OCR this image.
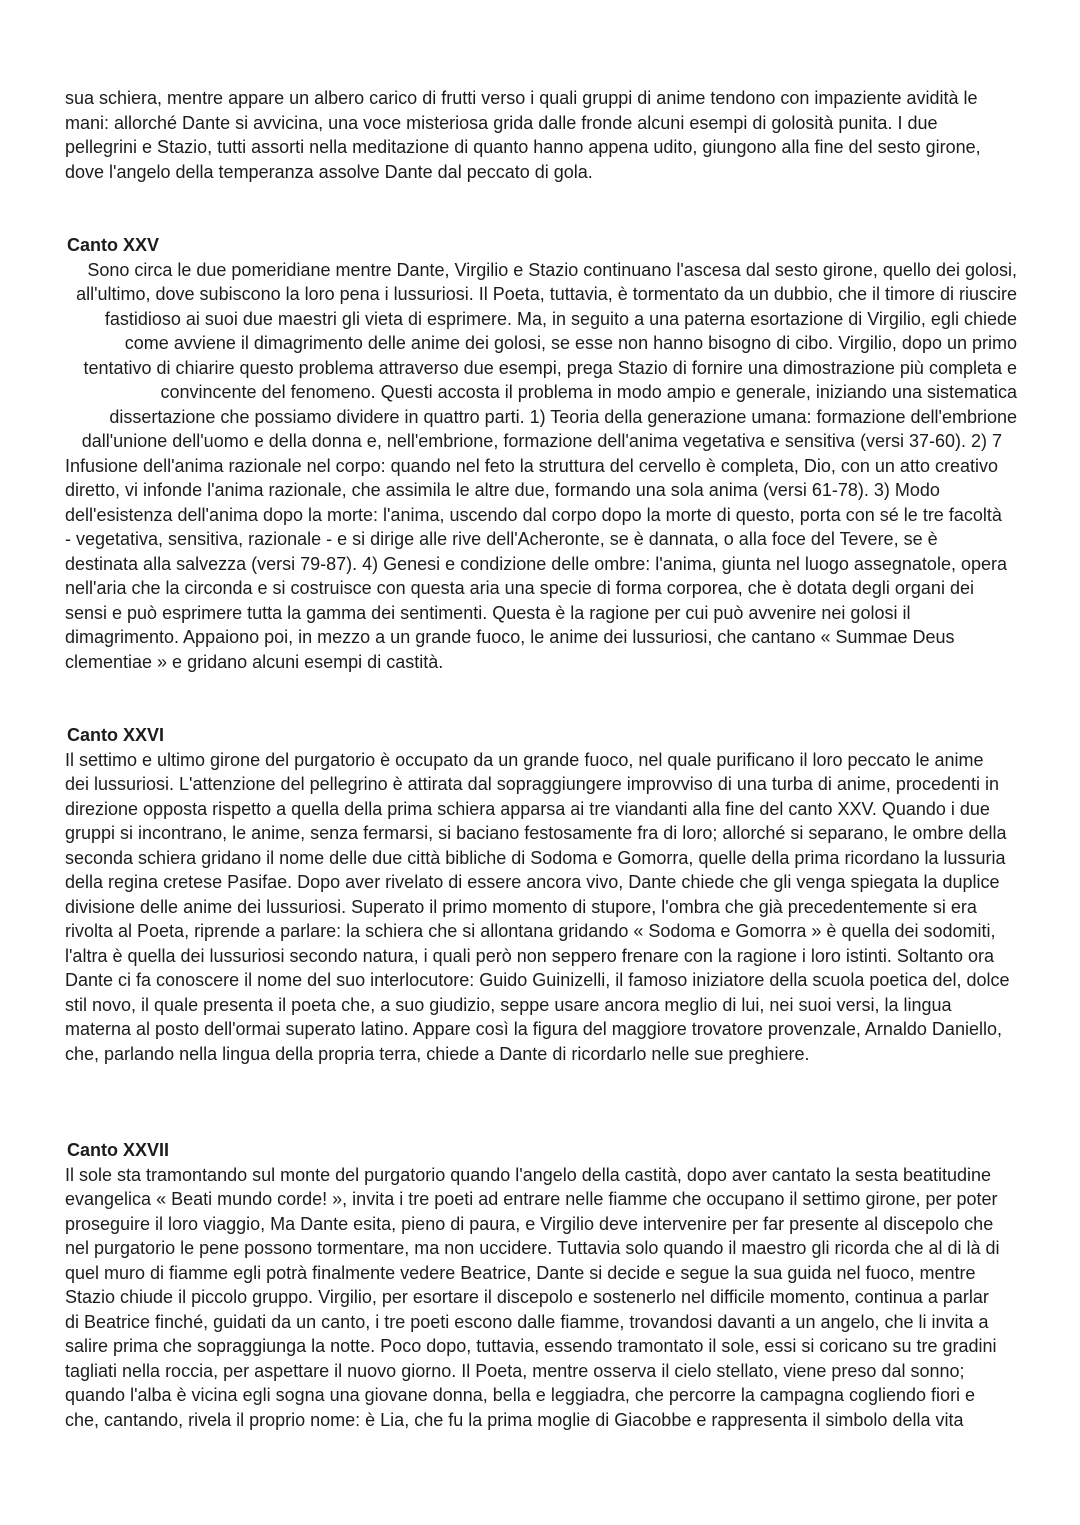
sua schiera, mentre appare un albero carico di frutti verso i quali gruppi di anime tendono con impaziente avidità le
mani: allorché Dante si avvicina, una voce misteriosa grida dalle fronde alcuni esempi di golosità punita. I due
pellegrini e Stazio, tutti assorti nella meditazione di quanto hanno appena udito, giungono alla fine del sesto girone,
dove l'angelo della temperanza assolve Dante dal peccato di gola.
Canto XXV
Sono circa le due pomeridiane mentre Dante, Virgilio e Stazio continuano l'ascesa dal sesto girone, quello dei golosi,
all'ultimo, dove subiscono la loro pena i lussuriosi. Il Poeta, tuttavia, è tormentato da un dubbio, che il timore di riuscire
fastidioso ai suoi due maestri gli vieta di esprimere. Ma, in seguito a una paterna esortazione di Virgilio, egli chiede
come avviene il dimagrimento delle anime dei golosi, se esse non hanno bisogno di cibo. Virgilio, dopo un primo
tentativo di chiarire questo problema attraverso due esempi, prega Stazio di fornire una dimostrazione più completa e
convincente del fenomeno. Questi accosta il problema in modo ampio e generale, iniziando una sistematica
dissertazione che possiamo dividere in quattro parti. 1) Teoria della generazione umana: formazione dell'embrione
dall'unione dell'uomo e della donna e, nell'embrione, formazione dell'anima vegetativa e sensitiva (versi 37-60). 2) 7
Infusione dell'anima razionale nel corpo: quando nel feto la struttura del cervello è completa, Dio, con un atto creativo
diretto, vi infonde l'anima razionale, che assimila le altre due, formando una sola anima (versi 61-78). 3) Modo
dell'esistenza dell'anima dopo la morte: l'anima, uscendo dal corpo dopo la morte di questo, porta con sé le tre facoltà
- vegetativa, sensitiva, razionale - e si dirige alle rive dell'Acheronte, se è dannata, o alla foce del Tevere, se è
destinata alla salvezza (versi 79-87). 4) Genesi e condizione delle ombre: l'anima, giunta nel luogo assegnatole, opera
nell'aria che la circonda e si costruisce con questa aria una specie di forma corporea, che è dotata degli organi dei
sensi e può esprimere tutta la gamma dei sentimenti. Questa è la ragione per cui può avvenire nei golosi il
dimagrimento. Appaiono poi, in mezzo a un grande fuoco, le anime dei lussuriosi, che cantano « Summae Deus
clementiae » e gridano alcuni esempi di castità.
Canto XXVI
Il settimo e ultimo girone del purgatorio è occupato da un grande fuoco, nel quale purificano il loro peccato le anime
dei lussuriosi. L'attenzione del pellegrino è attirata dal sopraggiungere improvviso di una turba di anime, procedenti in
direzione opposta rispetto a quella della prima schiera apparsa ai tre viandanti alla fine del canto XXV. Quando i due
gruppi si incontrano, le anime, senza fermarsi, si baciano festosamente fra di loro; allorché si separano, le ombre della
seconda schiera gridano il nome delle due città bibliche di Sodoma e Gomorra, quelle della prima ricordano la lussuria
della regina cretese Pasifae. Dopo aver rivelato di essere ancora vivo, Dante chiede che gli venga spiegata la duplice
divisione delle anime dei lussuriosi. Superato il primo momento di stupore, l'ombra che già precedentemente si era
rivolta al Poeta, riprende a parlare: la schiera che si allontana gridando « Sodoma e Gomorra » è quella dei sodomiti,
l'altra è quella dei lussuriosi secondo natura, i quali però non seppero frenare con la ragione i loro istinti. Soltanto ora
Dante ci fa conoscere il nome del suo interlocutore: Guido Guinizelli, il famoso iniziatore della scuola poetica del, dolce
stil novo, il quale presenta il poeta che, a suo giudizio, seppe usare ancora meglio di lui, nei suoi versi, la lingua
materna al posto dell'ormai superato latino. Appare così la figura del maggiore trovatore provenzale, Arnaldo Daniello,
che, parlando nella lingua della propria terra, chiede a Dante di ricordarlo nelle sue preghiere.
Canto XXVII
Il sole sta tramontando sul monte del purgatorio quando l'angelo della castità, dopo aver cantato la sesta beatitudine
evangelica « Beati mundo corde! », invita i tre poeti ad entrare nelle fiamme che occupano il settimo girone, per poter
proseguire il loro viaggio, Ma Dante esita, pieno di paura, e Virgilio deve intervenire per far presente al discepolo che
nel purgatorio le pene possono tormentare, ma non uccidere. Tuttavia solo quando il maestro gli ricorda che al di là di
quel muro di fiamme egli potrà finalmente vedere Beatrice, Dante si decide e segue la sua guida nel fuoco, mentre
Stazio chiude il piccolo gruppo. Virgilio, per esortare il discepolo e sostenerlo nel difficile momento, continua a parlar
di Beatrice finché, guidati da un canto, i tre poeti escono dalle fiamme, trovandosi davanti a un angelo, che li invita a
salire prima che sopraggiunga la notte. Poco dopo, tuttavia, essendo tramontato il sole, essi si coricano su tre gradini
tagliati nella roccia, per aspettare il nuovo giorno. Il Poeta, mentre osserva il cielo stellato, viene preso dal sonno;
quando l'alba è vicina egli sogna una giovane donna, bella e leggiadra, che percorre la campagna cogliendo fiori e
che, cantando, rivela il proprio nome: è Lia, che fu la prima moglie di Giacobbe e rappresenta il simbolo della vita
